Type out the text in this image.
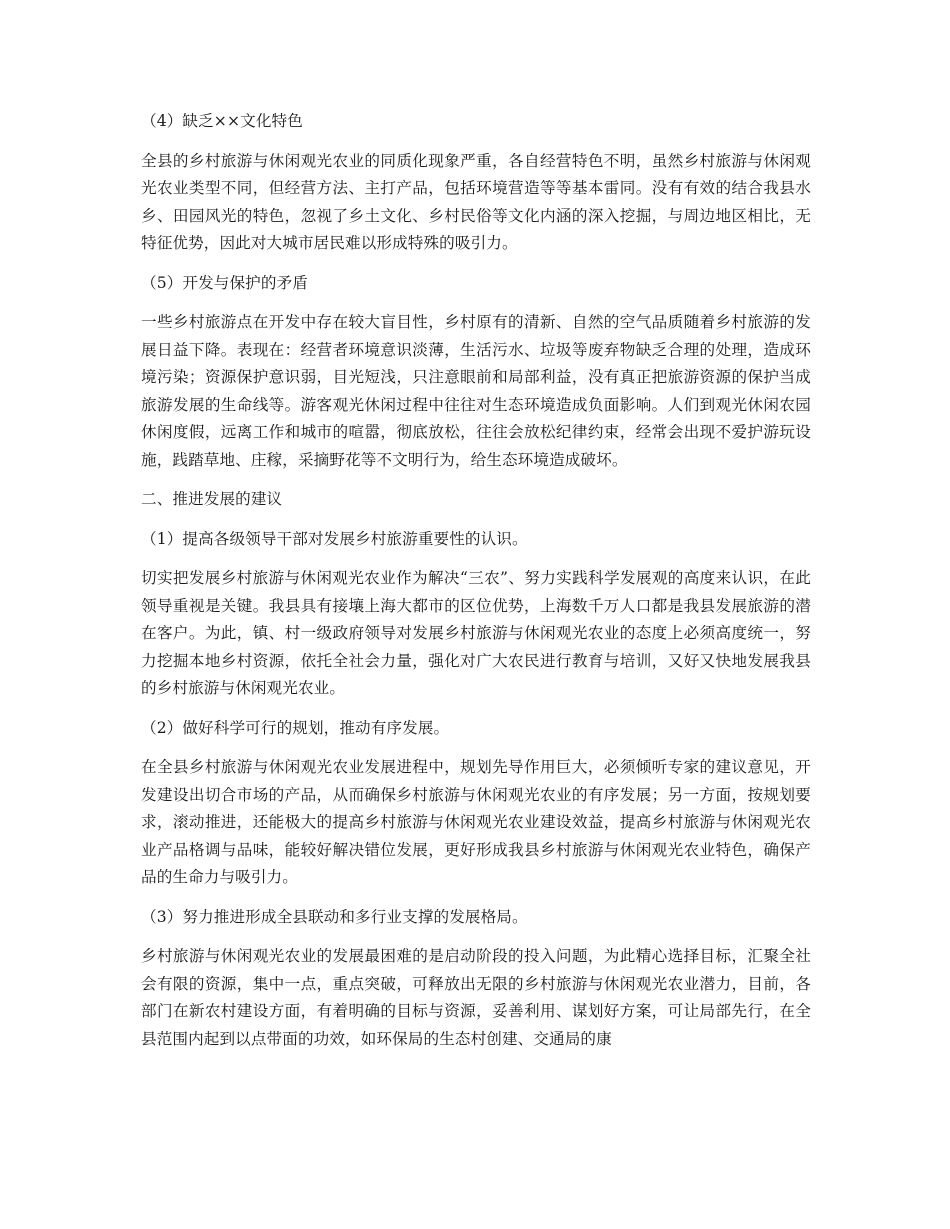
（4）缺乏××文化特色
全县的乡村旅游与休闲观光农业的同质化现象严重，各自经营特色不明，虽然乡村旅游与休闲观光农业类型不同，但经营方法、主打产品，包括环境营造等等基本雷同。没有有效的结合我县水乡、田园风光的特色，忽视了乡土文化、乡村民俗等文化内涵的深入挖掘，与周边地区相比，无特征优势，因此对大城市居民难以形成特殊的吸引力。
（5）开发与保护的矛盾
一些乡村旅游点在开发中存在较大盲目性，乡村原有的清新、自然的空气品质随着乡村旅游的发展日益下降。表现在：经营者环境意识淡薄，生活污水、垃圾等废弃物缺乏合理的处理，造成环境污染；资源保护意识弱，目光短浅，只注意眼前和局部利益，没有真正把旅游资源的保护当成旅游发展的生命线等。游客观光休闲过程中往往对生态环境造成负面影响。人们到观光休闲农园休闲度假，远离工作和城市的喧嚣，彻底放松，往往会放松纪律约束，经常会出现不爱护游玩设施，践踏草地、庄稼，采摘野花等不文明行为，给生态环境造成破坏。
二、推进发展的建议
（1）提高各级领导干部对发展乡村旅游重要性的认识。
切实把发展乡村旅游与休闲观光农业作为解决“三农”、努力实践科学发展观的高度来认识，在此领导重视是关键。我县具有接壤上海大都市的区位优势，上海数千万人口都是我县发展旅游的潜在客户。为此，镇、村一级政府领导对发展乡村旅游与休闲观光农业的态度上必须高度统一，努力挖掘本地乡村资源，依托全社会力量，强化对广大农民进行教育与培训，又好又快地发展我县的乡村旅游与休闲观光农业。
（2）做好科学可行的规划，推动有序发展。
在全县乡村旅游与休闲观光农业发展进程中，规划先导作用巨大，必须倾听专家的建议意见，开发建设出切合市场的产品，从而确保乡村旅游与休闲观光农业的有序发展；另一方面，按规划要求，滚动推进，还能极大的提高乡村旅游与休闲观光农业建设效益，提高乡村旅游与休闲观光农业产品格调与品味，能较好解决错位发展，更好形成我县乡村旅游与休闲观光农业特色，确保产品的生命力与吸引力。
（3）努力推进形成全县联动和多行业支撑的发展格局。
乡村旅游与休闲观光农业的发展最困难的是启动阶段的投入问题，为此精心选择目标，汇聚全社会有限的资源，集中一点，重点突破，可释放出无限的乡村旅游与休闲观光农业潜力，目前，各部门在新农村建设方面，有着明确的目标与资源，妥善利用、谋划好方案，可让局部先行，在全县范围内起到以点带面的功效，如环保局的生态村创建、交通局的康
